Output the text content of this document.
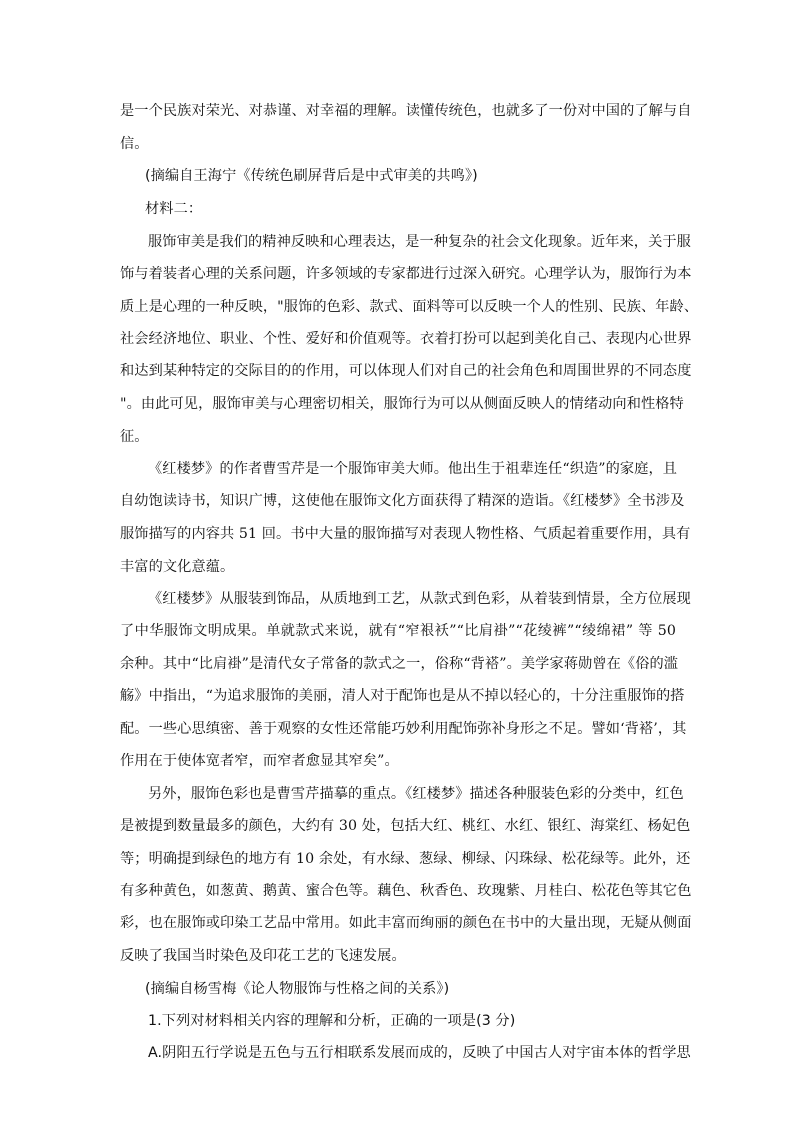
是一个民族对荣光、对恭谨、对幸福的理解。读懂传统色，也就多了一份对中国的了解与自
信。
(摘编自王海宁《传统色刷屏背后是中式审美的共鸣》)
材料二：
服饰审美是我们的精神反映和心理表达，是一种复杂的社会文化现象。近年来，关于服
饰与着装者心理的关系问题，许多领域的专家都进行过深入研究。心理学认为，服饰行为本
质上是心理的一种反映，"服饰的色彩、款式、面料等可以反映一个人的性别、民族、年龄、
社会经济地位、职业、个性、爱好和价值观等。衣着打扮可以起到美化自己、表现内心世界
和达到某种特定的交际目的的作用，可以体现人们对自己的社会角色和周围世界的不同态度
"。由此可见，服饰审美与心理密切相关，服饰行为可以从侧面反映人的情绪动向和性格特
征。
《红楼梦》的作者曹雪芹是一个服饰审美大师。他出生于祖辈连任“织造”的家庭，且
自幼饱读诗书，知识广博，这使他在服饰文化方面获得了精深的造诣。《红楼梦》全书涉及
服饰描写的内容共 51 回。书中大量的服饰描写对表现人物性格、气质起着重要作用，具有
丰富的文化意蕴。
《红楼梦》从服装到饰品，从质地到工艺，从款式到色彩，从着装到情景，全方位展现
了中华服饰文明成果。单就款式来说，就有“窄裉袄”“比肩褂”“花绫裤”“绫绵裙” 等 50
余种。其中“比肩褂”是清代女子常备的款式之一，俗称“背褡”。美学家蒋勋曾在《俗的滥
觞》中指出，“为追求服饰的美丽，清人对于配饰也是从不掉以轻心的，十分注重服饰的搭
配。一些心思缜密、善于观察的女性还常能巧妙利用配饰弥补身形之不足。譬如‘背褡’，其
作用在于使体宽者窄，而窄者愈显其窄矣”。
另外，服饰色彩也是曹雪芹描摹的重点。《红楼梦》描述各种服装色彩的分类中，红色
是被提到数量最多的颜色，大约有 30 处，包括大红、桃红、水红、银红、海棠红、杨妃色
等；明确提到绿色的地方有 10 余处，有水绿、葱绿、柳绿、闪珠绿、松花绿等。此外，还
有多种黄色，如葱黄、鹅黄、蜜合色等。藕色、秋香色、玫瑰紫、月桂白、松花色等其它色
彩，也在服饰或印染工艺品中常用。如此丰富而绚丽的颜色在书中的大量出现，无疑从侧面
反映了我国当时染色及印花工艺的飞速发展。
(摘编自杨雪梅《论人物服饰与性格之间的关系》)
1.下列对材料相关内容的理解和分析，正确的一项是(3 分)
A.阴阳五行学说是五色与五行相联系发展而成的，反映了中国古人对宇宙本体的哲学思
